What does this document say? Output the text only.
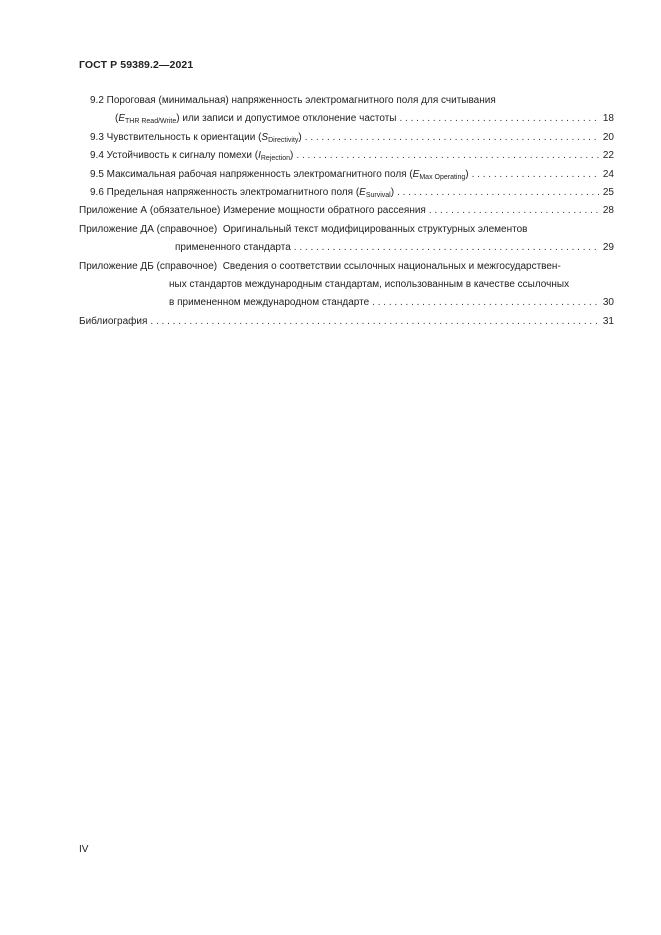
ГОСТ Р 59389.2—2021
9.2 Пороговая (минимальная) напряженность электромагнитного поля для считывания
$(E_{THR Read/Write})$ или записи и допустимое отклонение частоты . . .	18
9.3 Чувствительность к ориентации $(S_{Directivity})$ . . .	20
9.4 Устойчивость к сигналу помехи $(I_{Rejection})$ . . .	22
9.5 Максимальная рабочая напряженность электромагнитного поля $(E_{Max Operating})$ . . .	24
9.6 Предельная напряженность электромагнитного поля $(E_{Survival})$ . . .	25
Приложение А (обязательное) Измерение мощности обратного рассеяния . . .	28
Приложение ДА (справочное) Оригинальный текст модифицированных структурных элементов
примененного стандарта . . .	29
Приложение ДБ (справочное) Сведения о соответствии ссылочных национальных и межгосударствен-
ных стандартов международным стандартам, использованным в качестве ссылочных
в примененном международном стандарте . . .	30
Библиография . . .	31
IV
